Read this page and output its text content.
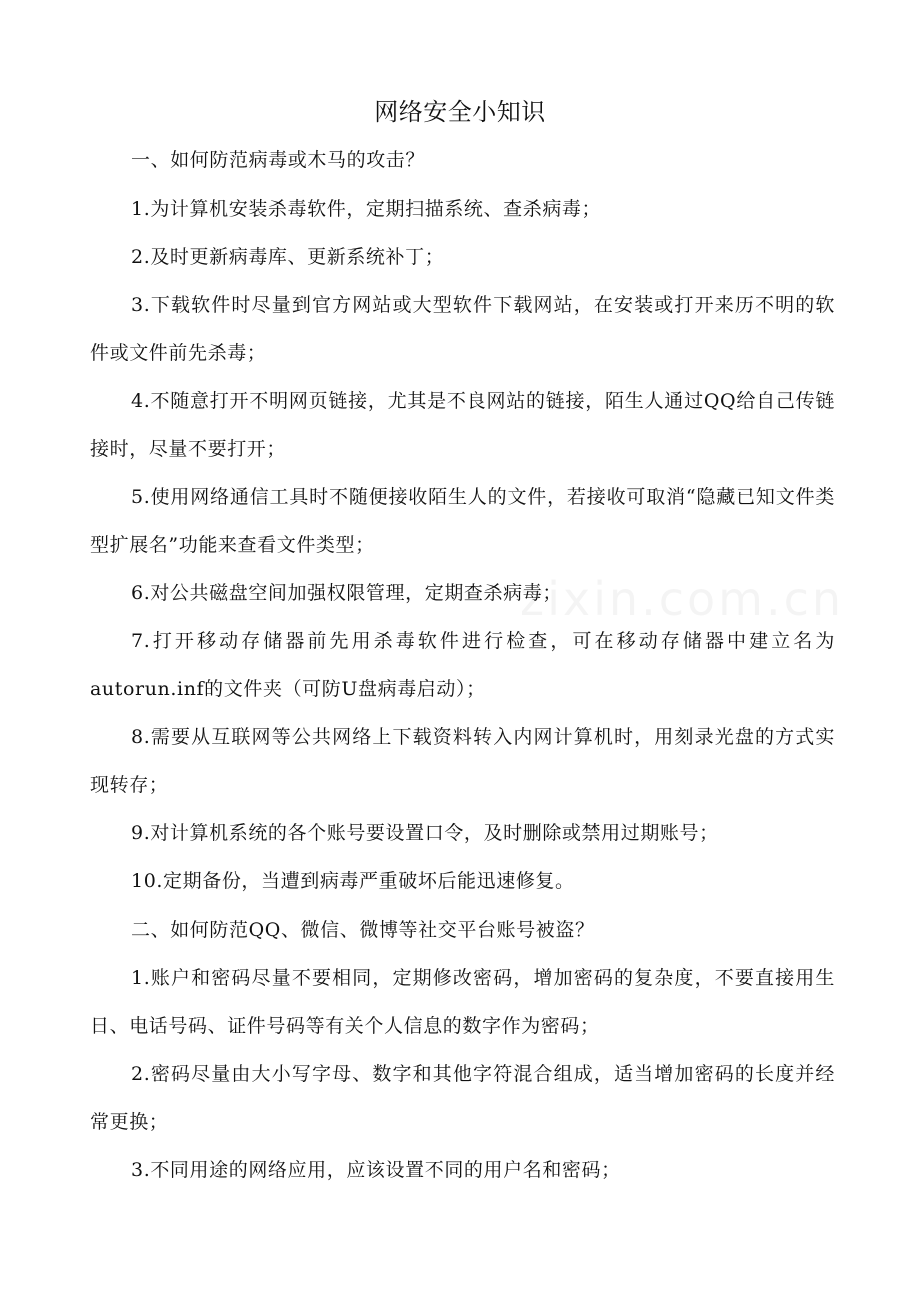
网络安全小知识

一、如何防范病毒或木马的攻击？

1.为计算机安装杀毒软件，定期扫描系统、查杀病毒；

2.及时更新病毒库、更新系统补丁；

3.下载软件时尽量到官方网站或大型软件下载网站，在安装或打开来历不明的软件或文件前先杀毒；

4.不随意打开不明网页链接，尤其是不良网站的链接，陌生人通过QQ给自己传链接时，尽量不要打开；

5.使用网络通信工具时不随便接收陌生人的文件，若接收可取消“隐藏已知文件类型扩展名”功能来查看文件类型；

6.对公共磁盘空间加强权限管理，定期查杀病毒；

7.打开移动存储器前先用杀毒软件进行检查，可在移动存储器中建立名为autorun.inf的文件夹（可防U盘病毒启动）；

8.需要从互联网等公共网络上下载资料转入内网计算机时，用刻录光盘的方式实现转存；

9.对计算机系统的各个账号要设置口令，及时删除或禁用过期账号；

10.定期备份，当遭到病毒严重破坏后能迅速修复。

二、如何防范QQ、微信、微博等社交平台账号被盗？

1.账户和密码尽量不要相同，定期修改密码，增加密码的复杂度，不要直接用生日、电话号码、证件号码等有关个人信息的数字作为密码；

2.密码尽量由大小写字母、数字和其他字符混合组成，适当增加密码的长度并经常更换；

3.不同用途的网络应用，应该设置不同的用户名和密码；
